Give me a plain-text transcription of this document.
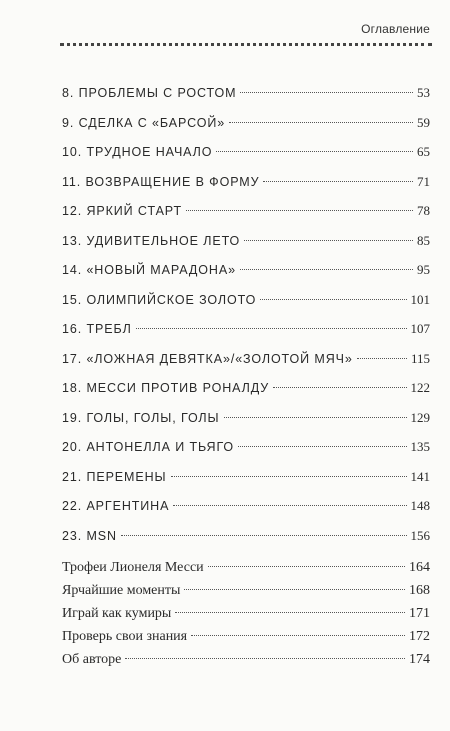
Оглавление
8. ПРОБЛЕМЫ С РОСТОМ	53
9. СДЕЛКА С «БАРСОЙ»	59
10. ТРУДНОЕ НАЧАЛО	65
11. ВОЗВРАЩЕНИЕ В ФОРМУ	71
12. ЯРКИЙ СТАРТ	78
13. УДИВИТЕЛЬНОЕ ЛЕТО	85
14. «НОВЫЙ МАРАДОНА»	95
15. ОЛИМПИЙСКОЕ ЗОЛОТО	101
16. ТРЕБЛ	107
17. «ЛОЖНАЯ ДЕВЯТКА»/«ЗОЛОТОЙ МЯЧ»	115
18. МЕССИ ПРОТИВ РОНАЛДУ	122
19. ГОЛЫ, ГОЛЫ, ГОЛЫ	129
20. АНТОНЕЛЛА И ТЬЯГО	135
21. ПЕРЕМЕНЫ	141
22. АРГЕНТИНА	148
23. MSN	156
Трофеи Лионеля Месси	164
Ярчайшие моменты	168
Играй как кумиры	171
Проверь свои знания	172
Об авторе	174
